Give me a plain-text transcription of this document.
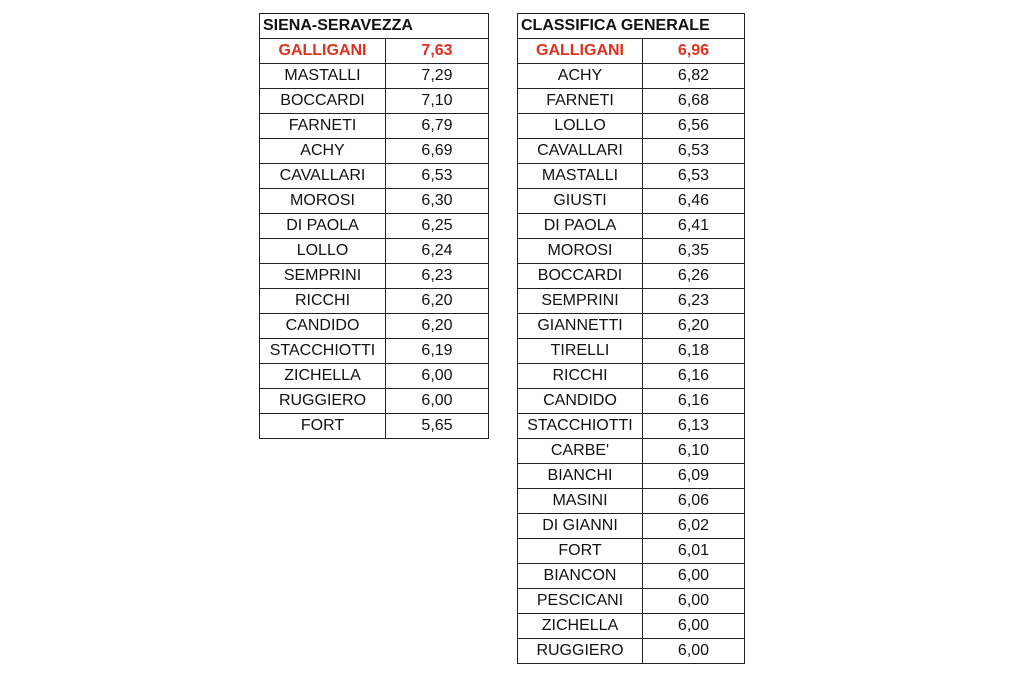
SIENA-SERAVEZZA	
GALLIGANI	7,63
MASTALLI	7,29
BOCCARDI	7,10
FARNETI	6,79
ACHY	6,69
CAVALLARI	6,53
MOROSI	6,30
DI PAOLA	6,25
LOLLO	6,24
SEMPRINI	6,23
RICCHI	6,20
CANDIDO	6,20
STACCHIOTTI	6,19
ZICHELLA	6,00
RUGGIERO	6,00
FORT	5,65
CLASSIFICA GENERALE	
GALLIGANI	6,96
ACHY	6,82
FARNETI	6,68
LOLLO	6,56
CAVALLARI	6,53
MASTALLI	6,53
GIUSTI	6,46
DI PAOLA	6,41
MOROSI	6,35
BOCCARDI	6,26
SEMPRINI	6,23
GIANNETTI	6,20
TIRELLI	6,18
RICCHI	6,16
CANDIDO	6,16
STACCHIOTTI	6,13
CARBE'	6,10
BIANCHI	6,09
MASINI	6,06
DI GIANNI	6,02
FORT	6,01
BIANCON	6,00
PESCICANI	6,00
ZICHELLA	6,00
RUGGIERO	6,00
